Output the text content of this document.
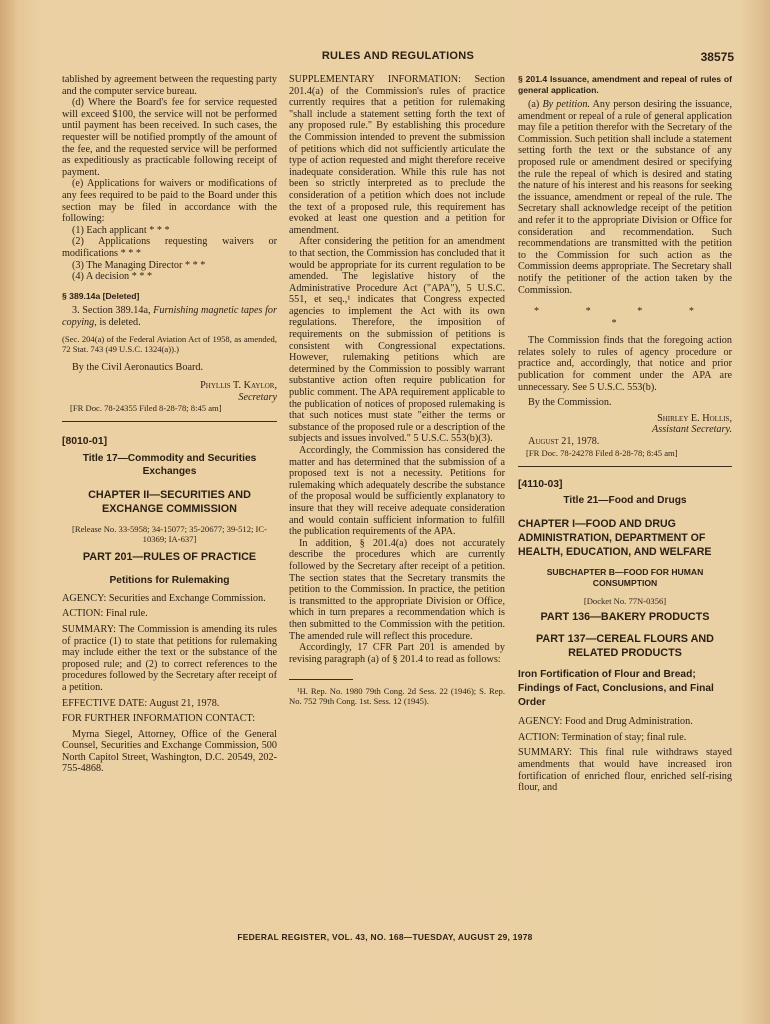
RULES AND REGULATIONS	38575

tablished by agreement between the requesting party and the computer service bureau.

(d) Where the Board's fee for service requested will exceed $100, the service will not be performed until payment has been received. In such cases, the requester will be notified promptly of the amount of the fee, and the requested service will be performed as expeditiously as practicable following receipt of payment.

(e) Applications for waivers or modifications of any fees required to be paid to the Board under this section may be filed in accordance with the following:

(1) Each applicant * * *

(2) Applications requesting waivers or modifications * * *

(3) The Managing Director * * *

(4) A decision * * *

§ 389.14a [Deleted]

3. Section 389.14a, Furnishing magnetic tapes for copying, is deleted.

(Sec. 204(a) of the Federal Aviation Act of 1958, as amended, 72 Stat. 743 (49 U.S.C. 1324(a)).)

By the Civil Aeronautics Board.

Phyllis T. Kaylor,

Secretary

[FR Doc. 78-24355 Filed 8-28-78; 8:45 am]

[8010-01]

Title 17—Commodity and Securities Exchanges

CHAPTER II—SECURITIES AND EXCHANGE COMMISSION

[Release No. 33-5958; 34-15077; 35-20677; 39-512; IC-10369; IA-637]

PART 201—RULES OF PRACTICE

Petitions for Rulemaking

AGENCY: Securities and Exchange Commission.

ACTION: Final rule.

SUMMARY: The Commission is amending its rules of practice (1) to state that petitions for rulemaking may include either the text or the substance of the proposed rule; and (2) to correct references to the procedures followed by the Secretary after receipt of a petition.

EFFECTIVE DATE: August 21, 1978.

FOR FURTHER INFORMATION CONTACT:

Myrna Siegel, Attorney, Office of the General Counsel, Securities and Exchange Commission, 500 North Capitol Street, Washington, D.C. 20549, 202-755-4868.

SUPPLEMENTARY INFORMATION: Section 201.4(a) of the Commission's rules of practice currently requires that a petition for rulemaking "shall include a statement setting forth the text of any proposed rule." By establishing this procedure the Commission intended to prevent the submission of petitions which did not sufficiently articulate the type of action requested and might therefore receive inadequate consideration. While this rule has not been so strictly interpreted as to preclude the consideration of a petition which does not include the text of a proposed rule, this requirement has evoked at least one question and a petition for amendment.

After considering the petition for an amendment to that section, the Commission has concluded that it would be appropriate for its current regulation to be amended. The legislative history of the Administrative Procedure Act ("APA"), 5 U.S.C. 551, et seq.,¹ indicates that Congress expected agencies to implement the Act with its own regulations. Therefore, the imposition of requirements on the submission of petitions is consistent with Congressional expectations. However, rulemaking petitions which are determined by the Commission to possibly warrant substantive action often require publication for public comment. The APA requirement applicable to the publication of notices of proposed rulemaking is that such notices must state "either the terms or substance of the proposed rule or a description of the subjects and issues involved." 5 U.S.C. 553(b)(3).

Accordingly, the Commission has considered the matter and has determined that the submission of a proposed text is not a necessity. Petitions for rulemaking which adequately describe the substance of the proposal would be sufficiently explanatory to insure that they will receive adequate consideration and would contain sufficient information to fulfill the publication requirements of the APA.

In addition, § 201.4(a) does not accurately describe the procedures which are currently followed by the Secretary after receipt of a petition. The section states that the Secretary transmits the petition to the Commission. In practice, the petition is transmitted to the appropriate Division or Office, which in turn prepares a recommendation which is then submitted to the Commission with the petition. The amended rule will reflect this procedure.

Accordingly, 17 CFR Part 201 is amended by revising paragraph (a) of § 201.4 to read as follows:

¹H. Rep. No. 1980 79th Cong. 2d Sess. 22 (1946); S. Rep. No. 752 79th Cong. 1st. Sess. 12 (1945).

§ 201.4 Issuance, amendment and repeal of rules of general application.

(a) By petition. Any person desiring the issuance, amendment or repeal of a rule of general application may file a petition therefor with the Secretary of the Commission. Such petition shall include a statement setting forth the text or the substance of any proposed rule or amendment desired or specifying the rule the repeal of which is desired and stating the nature of his interest and his reasons for seeking the issuance, amendment or repeal of the rule. The Secretary shall acknowledge receipt of the petition and refer it to the appropriate Division or Office for consideration and recommendation. Such recommendations are transmitted with the petition to the Commission for such action as the Commission deems appropriate. The Secretary shall notify the petitioner of the action taken by the Commission.

* * * * *

The Commission finds that the foregoing action relates solely to rules of agency procedure or practice and, accordingly, that notice and prior publication for comment under the APA are unnecessary. See 5 U.S.C. 553(b).

By the Commission.

Shirley E. Hollis,

Assistant Secretary.

August 21, 1978.

[FR Doc. 78-24278 Filed 8-28-78; 8:45 am]

[4110-03]

Title 21—Food and Drugs

CHAPTER I—FOOD AND DRUG ADMINISTRATION, DEPARTMENT OF HEALTH, EDUCATION, AND WELFARE

SUBCHAPTER B—FOOD FOR HUMAN CONSUMPTION

[Docket No. 77N-0356]

PART 136—BAKERY PRODUCTS

PART 137—CEREAL FLOURS AND RELATED PRODUCTS

Iron Fortification of Flour and Bread; Findings of Fact, Conclusions, and Final Order

AGENCY: Food and Drug Administration.

ACTION: Termination of stay; final rule.

SUMMARY: This final rule withdraws stayed amendments that would have increased iron fortification of enriched flour, enriched self-rising flour, and

FEDERAL REGISTER, VOL. 43, NO. 168—TUESDAY, AUGUST 29, 1978
